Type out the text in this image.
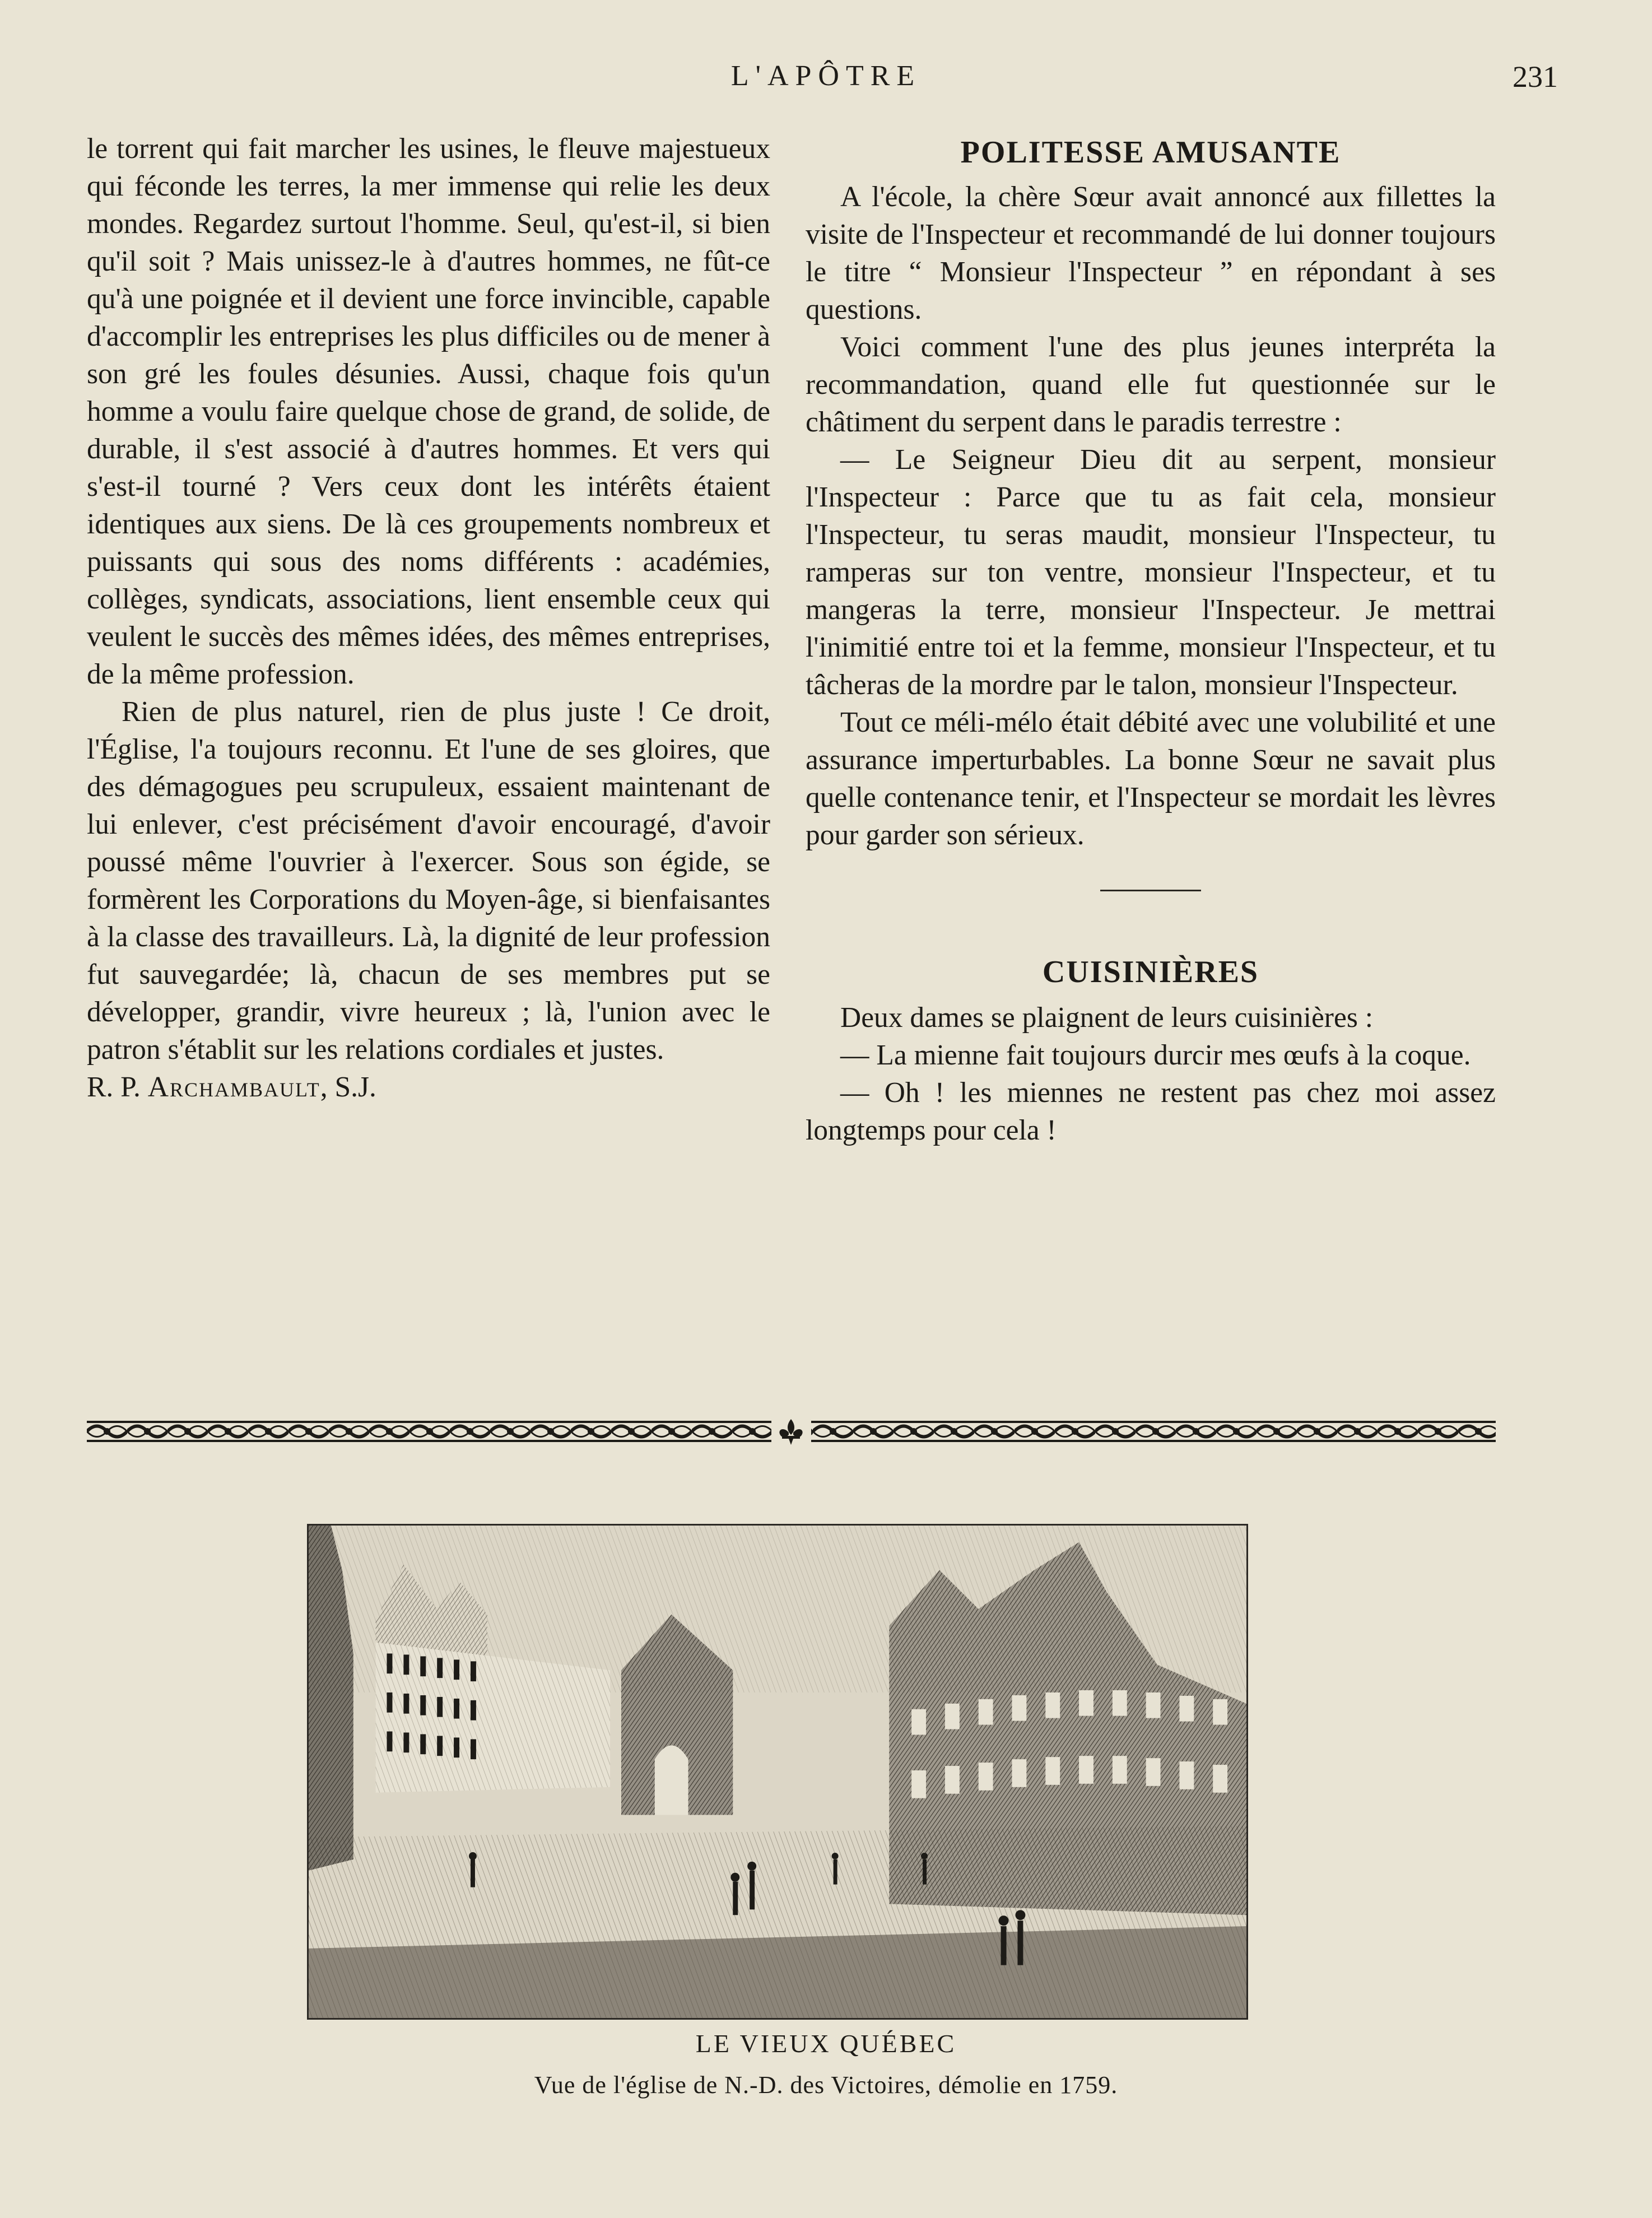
L'APÔTRE	231

le torrent qui fait marcher les usines, le fleuve majestueux qui féconde les terres, la mer immense qui relie les deux mondes. Regardez surtout l'homme. Seul, qu'est-il, si bien qu'il soit ? Mais unissez-le à d'autres hommes, ne fût-ce qu'à une poignée et il devient une force invincible, capable d'accomplir les entreprises les plus difficiles ou de mener à son gré les foules désunies. Aussi, chaque fois qu'un homme a voulu faire quelque chose de grand, de solide, de durable, il s'est associé à d'autres hommes. Et vers qui s'est-il tourné ? Vers ceux dont les intérêts étaient identiques aux siens. De là ces groupements nombreux et puissants qui sous des noms différents : académies, collèges, syndicats, associations, lient ensemble ceux qui veulent le succès des mêmes idées, des mêmes entreprises, de la même profession.

Rien de plus naturel, rien de plus juste ! Ce droit, l'Église, l'a toujours reconnu. Et l'une de ses gloires, que des démagogues peu scrupuleux, essaient maintenant de lui enlever, c'est précisément d'avoir encouragé, d'avoir poussé même l'ouvrier à l'exercer. Sous son égide, se formèrent les Corporations du Moyen-âge, si bienfaisantes à la classe des travailleurs. Là, la dignité de leur profession fut sauvegardée; là, chacun de ses membres put se développer, grandir, vivre heureux ; là, l'union avec le patron s'établit sur les relations cordiales et justes.

R. P. Archambault, S.J.

POLITESSE AMUSANTE

A l'école, la chère Sœur avait annoncé aux fillettes la visite de l'Inspecteur et recommandé de lui donner toujours le titre “ Monsieur l'Inspecteur ” en répondant à ses questions.

Voici comment l'une des plus jeunes interpréta la recommandation, quand elle fut questionnée sur le châtiment du serpent dans le paradis terrestre :

— Le Seigneur Dieu dit au serpent, monsieur l'Inspecteur : Parce que tu as fait cela, monsieur l'Inspecteur, tu seras maudit, monsieur l'Inspecteur, tu ramperas sur ton ventre, monsieur l'Inspecteur, et tu mangeras la terre, monsieur l'Inspecteur. Je mettrai l'inimitié entre toi et la femme, monsieur l'Inspecteur, et tu tâcheras de la mordre par le talon, monsieur l'Inspecteur.

Tout ce méli-mélo était débité avec une volubilité et une assurance imperturbables. La bonne Sœur ne savait plus quelle contenance tenir, et l'Inspecteur se mordait les lèvres pour garder son sérieux.

CUISINIÈRES

Deux dames se plaignent de leurs cuisinières :

— La mienne fait toujours durcir mes œufs à la coque.

— Oh ! les miennes ne restent pas chez moi assez longtemps pour cela !

LE VIEUX QUÉBEC
Vue de l'église de N.-D. des Victoires, démolie en 1759.
